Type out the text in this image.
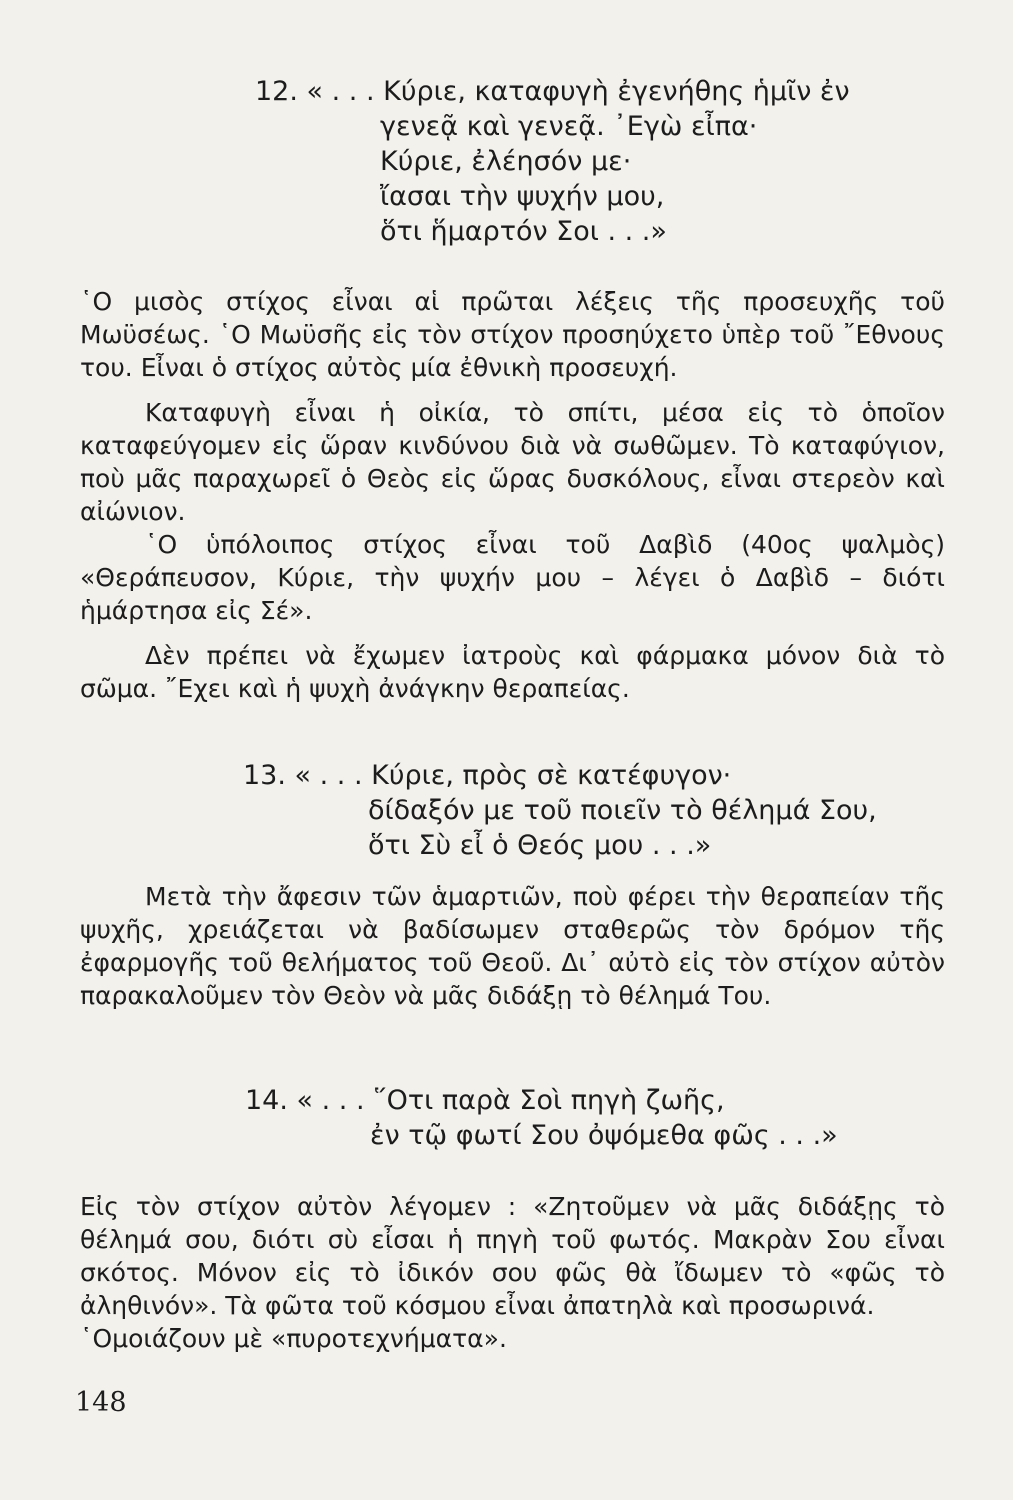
12. « . . . Κύριε, καταφυγὴ ἐγενήθης ἡμῖν ἐν

γενεᾷ καὶ γενεᾷ. ᾿Εγὼ εἶπα·

Κύριε, ἐλέησόν με·

ἴασαι τὴν ψυχήν μου,

ὅτι ἥμαρτόν Σοι . . .»

῾Ο μισὸς στίχος εἶναι αἱ πρῶται λέξεις τῆς προσευχῆς τοῦ Μωϋσέως. ῾Ο Μωϋσῆς εἰς τὸν στίχον προσηύχετο ὑπὲρ τοῦ ῎Εθνους του. Εἶναι ὁ στίχος αὐτὸς μία ἐθνικὴ προσευχή.

Καταφυγὴ εἶναι ἡ οἰκία, τὸ σπίτι, μέσα εἰς τὸ ὁποῖον καταφεύγομεν εἰς ὥραν κινδύνου διὰ νὰ σωθῶμεν. Τὸ καταφύγιον, ποὺ μᾶς παραχωρεῖ ὁ Θεὸς εἰς ὥρας δυσκόλους, εἶναι στερεὸν καὶ αἰώνιον.

῾Ο ὑπόλοιπος στίχος εἶναι τοῦ Δαβὶδ (40ος ψαλμὸς) «Θεράπευσον, Κύριε, τὴν ψυχήν μου – λέγει ὁ Δαβὶδ – διότι ἡμάρτησα εἰς Σέ».

Δὲν πρέπει νὰ ἔχωμεν ἰατροὺς καὶ φάρμακα μόνον διὰ τὸ σῶμα. ῎Εχει καὶ ἡ ψυχὴ ἀνάγκην θεραπείας.

13. « . . . Κύριε, πρὸς σὲ κατέφυγον·

δίδαξόν με τοῦ ποιεῖν τὸ θέλημά Σου,

ὅτι Σὺ εἶ ὁ Θεός μου . . .»

Μετὰ τὴν ἄφεσιν τῶν ἁμαρτιῶν, ποὺ φέρει τὴν θεραπείαν τῆς ψυχῆς, χρειάζεται νὰ βαδίσωμεν σταθερῶς τὸν δρόμον τῆς ἐφαρμογῆς τοῦ θελήματος τοῦ Θεοῦ. Δι᾿ αὐτὸ εἰς τὸν στίχον αὐτὸν παρακαλοῦμεν τὸν Θεὸν νὰ μᾶς διδάξῃ τὸ θέλημά Του.

14. « . . . ῞Οτι παρὰ Σοὶ πηγὴ ζωῆς,

ἐν τῷ φωτί Σου ὀψόμεθα φῶς . . .»

Εἰς τὸν στίχον αὐτὸν λέγομεν : «Ζητοῦμεν νὰ μᾶς διδάξῃς τὸ θέλημά σου, διότι σὺ εἶσαι ἡ πηγὴ τοῦ φωτός. Μακρὰν Σου εἶναι σκότος. Μόνον εἰς τὸ ἰδικόν σου φῶς θὰ ἴδωμεν τὸ «φῶς τὸ ἀληθινόν». Τὰ φῶτα τοῦ κόσμου εἶναι ἀπατηλὰ καὶ προσωρινά.

῾Ομοιάζουν μὲ «πυροτεχνήματα».

148
